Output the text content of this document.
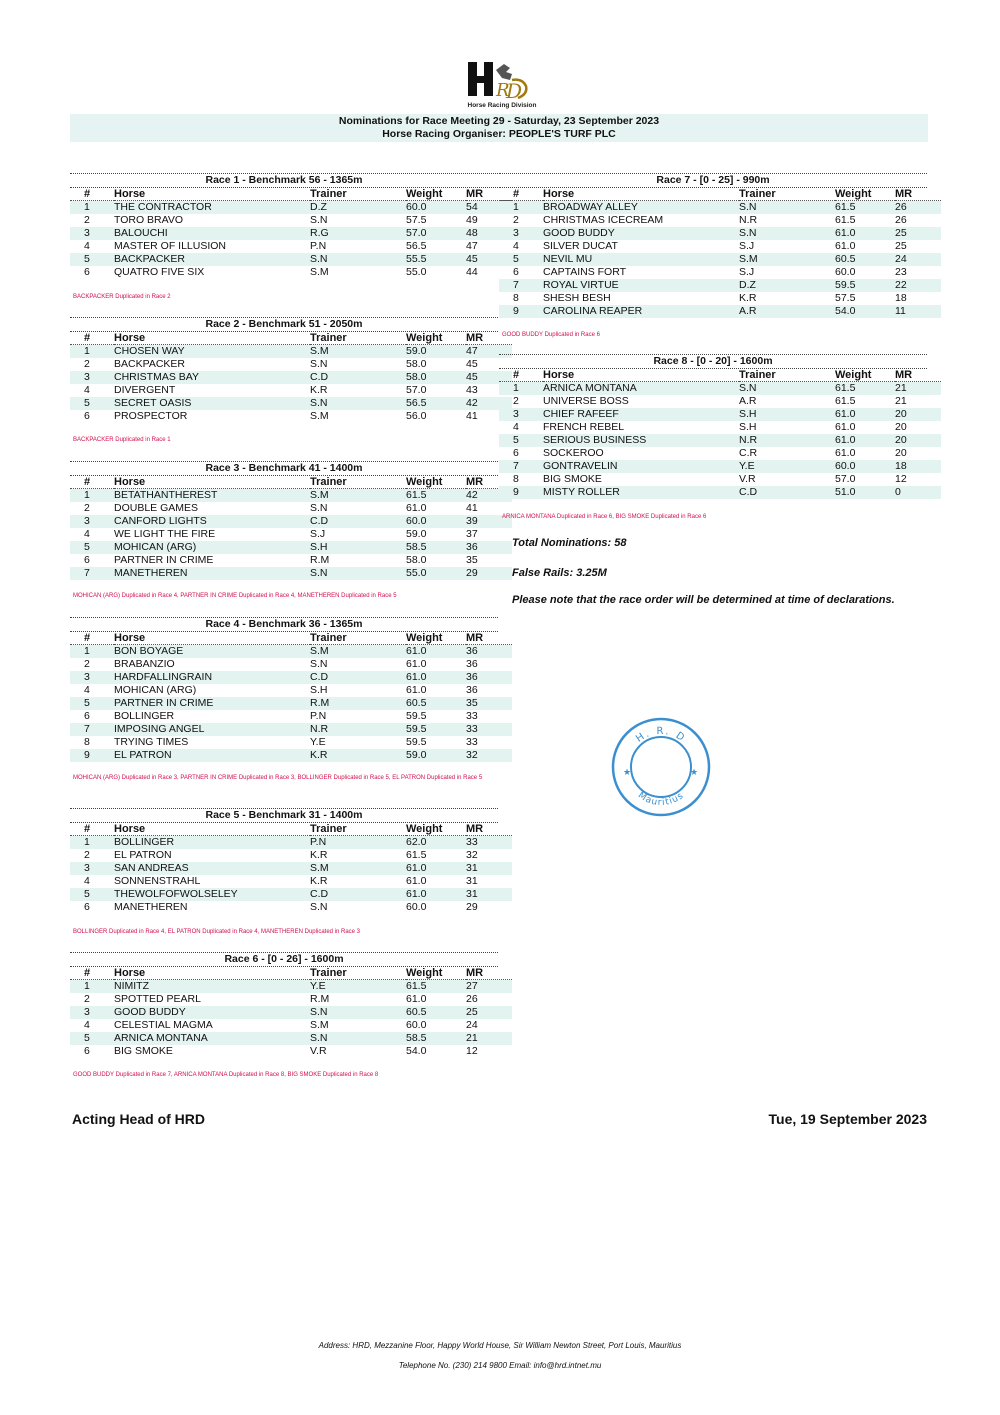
D
R
Horse Racing Division
Nominations for Race Meeting 29 - Saturday, 23 September 2023
Horse Racing Organiser: PEOPLE'S TURF PLC
Race 1 - Benchmark 56 - 1365m
#	Horse	Trainer	Weight	MR
1	THE CONTRACTOR	D.Z	60.0	54
2	TORO BRAVO	S.N	57.5	49
3	BALOUCHI	R.G	57.0	48
4	MASTER OF ILLUSION	P.N	56.5	47
5	BACKPACKER	S.N	55.5	45
6	QUATRO FIVE SIX	S.M	55.0	44
Race 2 - Benchmark 51 - 2050m
#	Horse	Trainer	Weight	MR
1	CHOSEN WAY	S.M	59.0	47
2	BACKPACKER	S.N	58.0	45
3	CHRISTMAS BAY	C.D	58.0	45
4	DIVERGENT	K.R	57.0	43
5	SECRET OASIS	S.N	56.5	42
6	PROSPECTOR	S.M	56.0	41
Race 3 - Benchmark 41 - 1400m
#	Horse	Trainer	Weight	MR
1	BETATHANTHEREST	S.M	61.5	42
2	DOUBLE GAMES	S.N	61.0	41
3	CANFORD LIGHTS	C.D	60.0	39
4	WE LIGHT THE FIRE	S.J	59.0	37
5	MOHICAN (ARG)	S.H	58.5	36
6	PARTNER IN CRIME	R.M	58.0	35
7	MANETHEREN	S.N	55.0	29
Race 4 - Benchmark 36 - 1365m
#	Horse	Trainer	Weight	MR
1	BON BOYAGE	S.M	61.0	36
2	BRABANZIO	S.N	61.0	36
3	HARDFALLINGRAIN	C.D	61.0	36
4	MOHICAN (ARG)	S.H	61.0	36
5	PARTNER IN CRIME	R.M	60.5	35
6	BOLLINGER	P.N	59.5	33
7	IMPOSING ANGEL	N.R	59.5	33
8	TRYING TIMES	Y.E	59.5	33
9	EL PATRON	K.R	59.0	32
Race 5 - Benchmark 31 - 1400m
#	Horse	Trainer	Weight	MR
1	BOLLINGER	P.N	62.0	33
2	EL PATRON	K.R	61.5	32
3	SAN ANDREAS	S.M	61.0	31
4	SONNENSTRAHL	K.R	61.0	31
5	THEWOLFOFWOLSELEY	C.D	61.0	31
6	MANETHEREN	S.N	60.0	29
Race 6 - [0 - 26] - 1600m
#	Horse	Trainer	Weight	MR
1	NIMITZ	Y.E	61.5	27
2	SPOTTED PEARL	R.M	61.0	26
3	GOOD BUDDY	S.N	60.5	25
4	CELESTIAL MAGMA	S.M	60.0	24
5	ARNICA MONTANA	S.N	58.5	21
6	BIG SMOKE	V.R	54.0	12
Race 7 - [0 - 25] - 990m
#	Horse	Trainer	Weight	MR
1	BROADWAY ALLEY	S.N	61.5	26
2	CHRISTMAS ICECREAM	N.R	61.5	26
3	GOOD BUDDY	S.N	61.0	25
4	SILVER DUCAT	S.J	61.0	25
5	NEVIL MU	S.M	60.5	24
6	CAPTAINS FORT	S.J	60.0	23
7	ROYAL VIRTUE	D.Z	59.5	22
8	SHESH BESH	K.R	57.5	18
9	CAROLINA REAPER	A.R	54.0	11
Race 8 - [0 - 20] - 1600m
#	Horse	Trainer	Weight	MR
1	ARNICA MONTANA	S.N	61.5	21
2	UNIVERSE BOSS	A.R	61.5	21
3	CHIEF RAFEEF	S.H	61.0	20
4	FRENCH REBEL	S.H	61.0	20
5	SERIOUS BUSINESS	N.R	61.0	20
6	SOCKEROO	C.R	61.0	20
7	GONTRAVELIN	Y.E	60.0	18
8	BIG SMOKE	V.R	57.0	12
9	MISTY ROLLER	C.D	51.0	0
BACKPACKER Duplicated in Race 2
BACKPACKER Duplicated in Race 1
MOHICAN (ARG) Duplicated in Race 4, PARTNER IN CRIME Duplicated in Race 4, MANETHEREN Duplicated in Race 5
MOHICAN (ARG) Duplicated in Race 3, PARTNER IN CRIME Duplicated in Race 3, BOLLINGER Duplicated in Race 5, EL PATRON Duplicated in Race 5
BOLLINGER Duplicated in Race 4, EL PATRON Duplicated in Race 4, MANETHEREN Duplicated in Race 3
GOOD BUDDY Duplicated in Race 7, ARNICA MONTANA Duplicated in Race 8, BIG SMOKE Duplicated in Race 8
GOOD BUDDY Duplicated in Race 6
ARNICA MONTANA Duplicated in Race 6, BIG SMOKE Duplicated in Race 6
Total Nominations: 58
False Rails: 3.25M
Please note that the race order will be determined at time of declarations.
H. R. D
Mauritius
★	★
Acting Head of HRD	Tue, 19 September 2023
Address: HRD, Mezzanine Floor, Happy World House, Sir William Newton Street, Port Louis, Mauritius
Telephone No. (230) 214 9800 Email: info@hrd.intnet.mu
